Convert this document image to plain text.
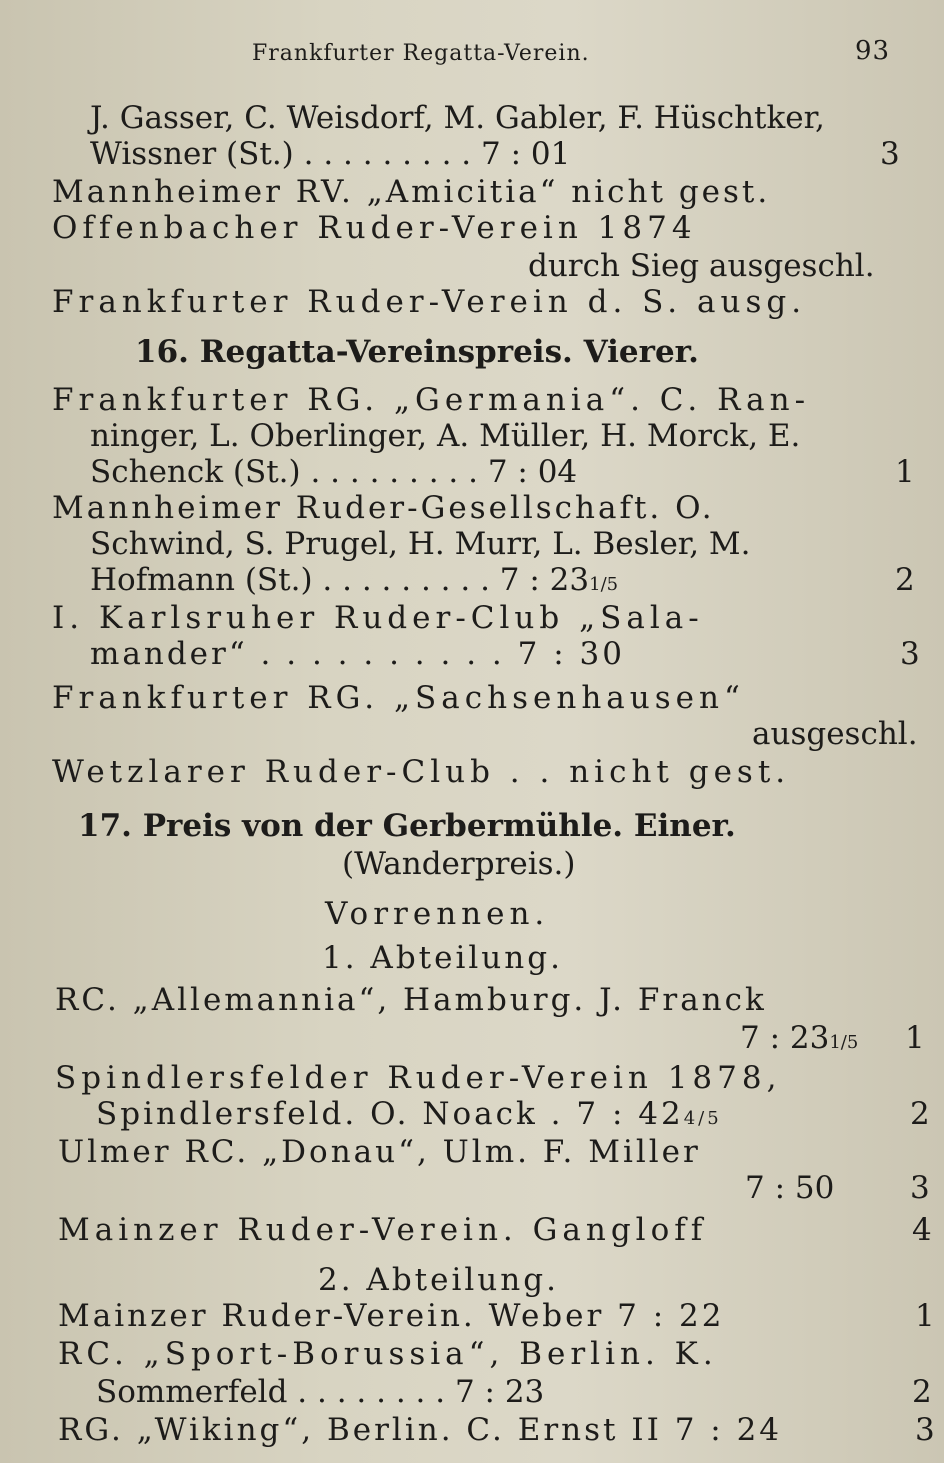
Frankfurter Regatta-Verein.	93
J. Gasser, C. Weisdorf, M. Gabler, F. Hüschtker,
Wissner (St.) . . . . . . . . . 7 : 01	3
Mannheimer RV. „Amicitia“ nicht gest.
Offenbacher Ruder-Verein 1874
durch Sieg ausgeschl.
Frankfurter Ruder-Verein d. S. ausg.
16. Regatta-Vereinspreis. Vierer.
Frankfurter RG. „Germania“. C. Ran-
ninger, L. Oberlinger, A. Müller, H. Morck, E.
Schenck (St.) . . . . . . . . . 7 : 04	1
Mannheimer Ruder-Gesellschaft. O.
Schwind, S. Prugel, H. Murr, L. Besler, M.
Hofmann (St.) . . . . . . . . . 7 : 231/5	2
I. Karlsruher Ruder-Club „Sala-
mander“ . . . . . . . . . . 7 : 30	3
Frankfurter RG. „Sachsenhausen“
ausgeschl.
Wetzlarer Ruder-Club . . nicht gest.
17. Preis von der Gerbermühle. Einer.
(Wanderpreis.)
Vorrennen.
1. Abteilung.
RC. „Allemannia“, Hamburg. J. Franck
7 : 231/5 1
Spindlersfelder Ruder-Verein 1878,
Spindlersfeld. O. Noack . 7 : 424/5	2
Ulmer RC. „Donau“, Ulm. F. Miller
7 : 50 3
Mainzer Ruder-Verein. Gangloff	4
2. Abteilung.
Mainzer Ruder-Verein. Weber 7 : 22	1
RC. „Sport-Borussia“, Berlin. K.
Sommerfeld . . . . . . . . 7 : 23	2
RG. „Wiking“, Berlin. C. Ernst II 7 : 24	3
